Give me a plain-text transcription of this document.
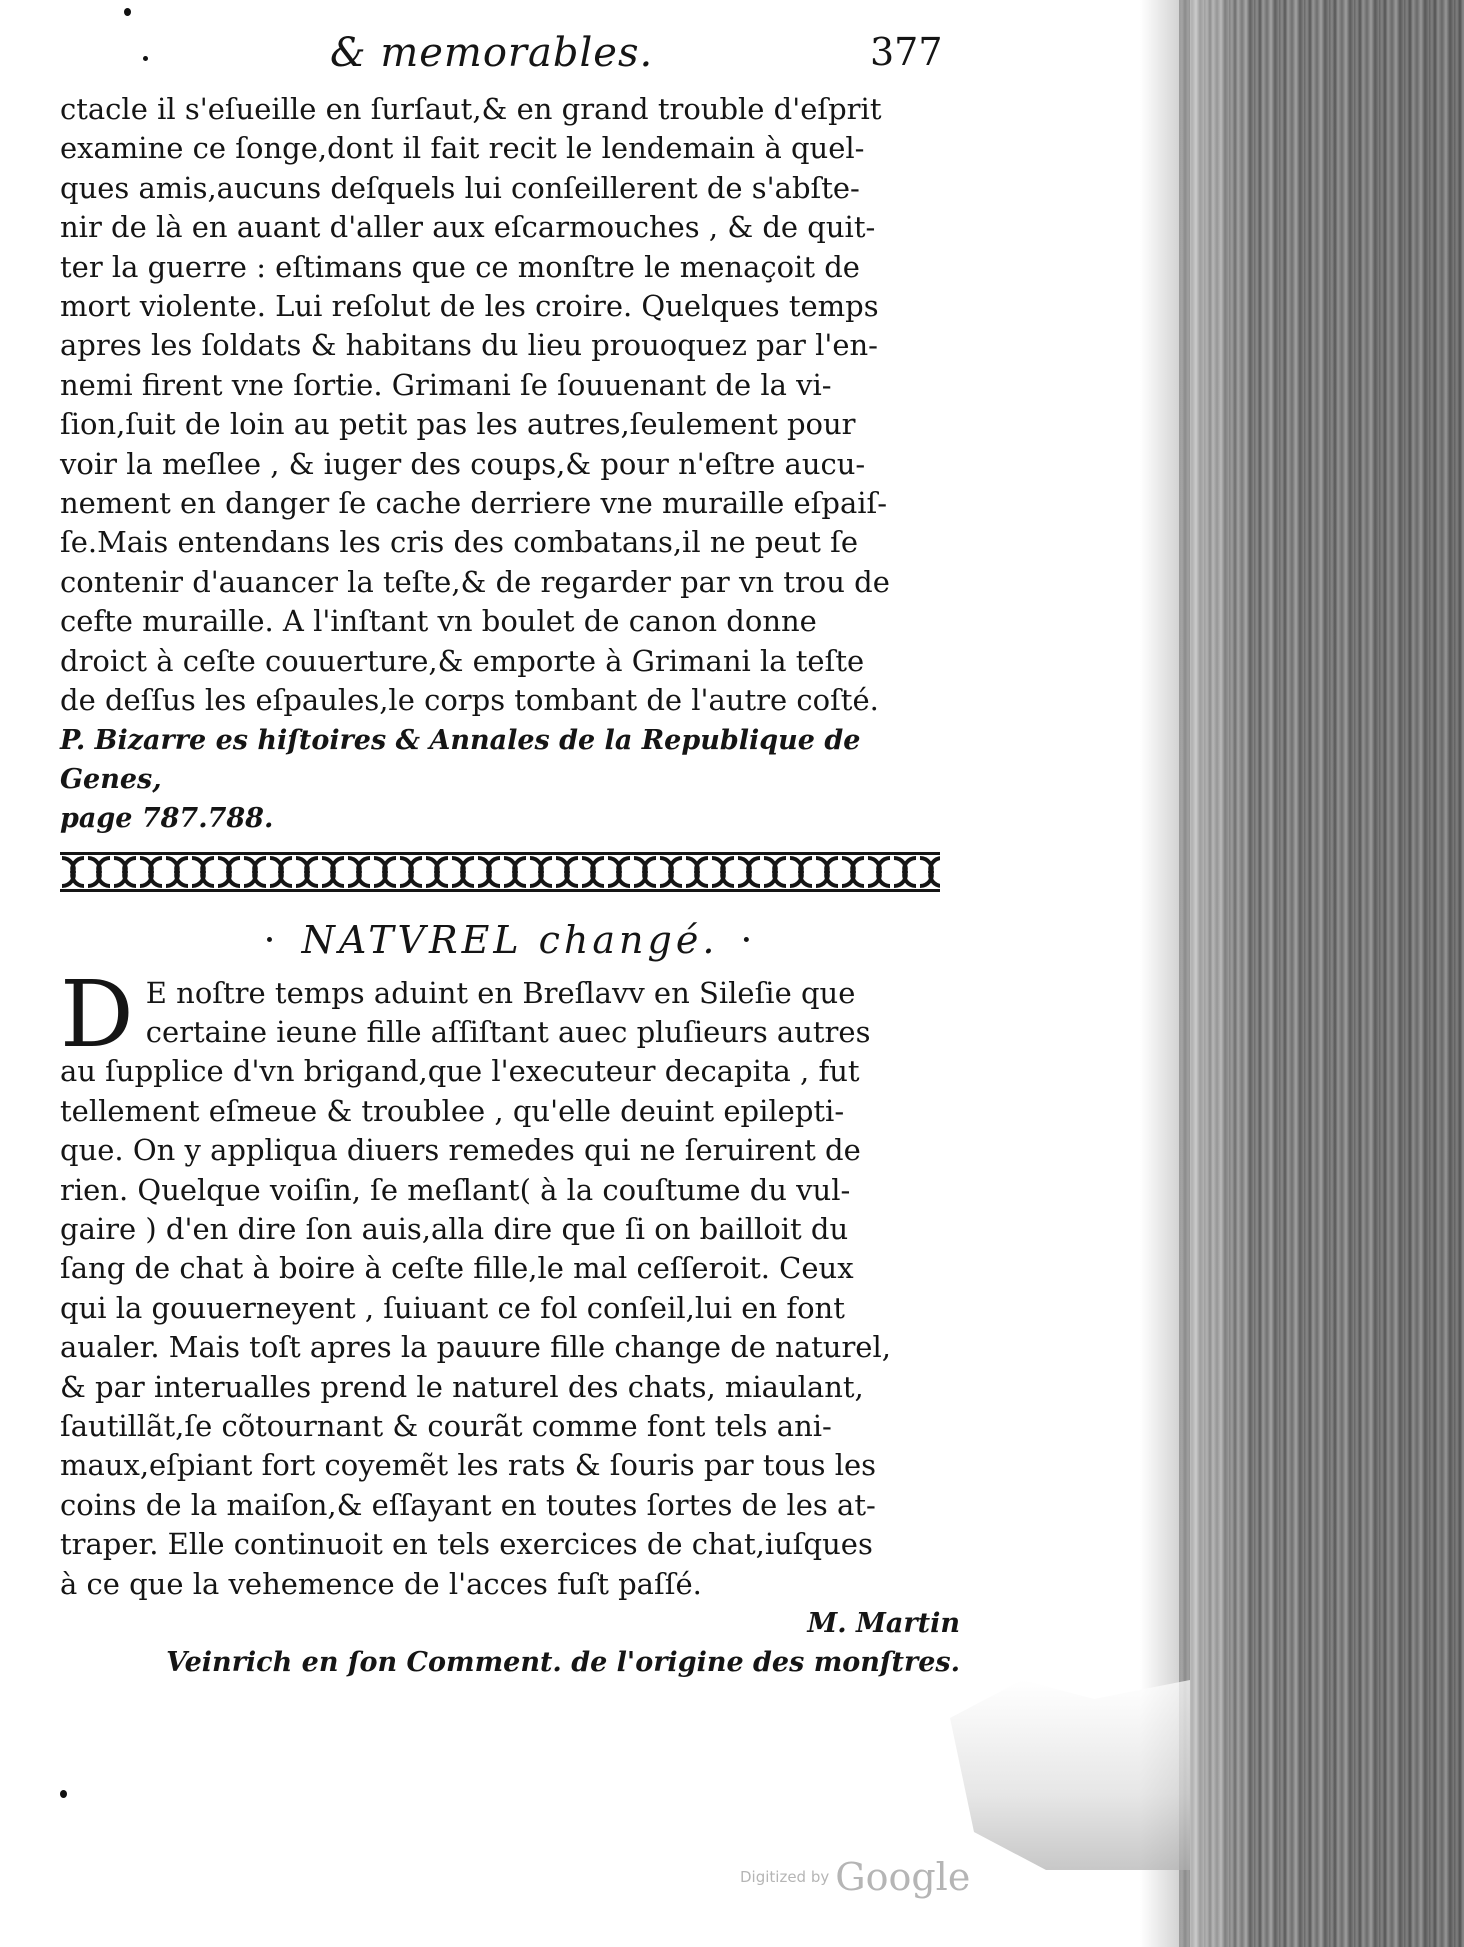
& memorables.	377
ctacle il s'eſueille en ſurſaut,& en grand trouble d'eſprit
examine ce ſonge,dont il fait recit le lendemain à quel-
ques amis,aucuns deſquels lui conſeillerent de s'abſte-
nir de là en auant d'aller aux eſcarmouches , & de quit-
ter la guerre : eſtimans que ce monſtre le menaçoit de
mort violente. Lui reſolut de les croire. Quelques temps
apres les ſoldats & habitans du lieu prouoquez par l'en-
nemi firent vne ſortie. Grimani ſe ſouuenant de la vi-
ſion,ſuit de loin au petit pas les autres,ſeulement pour
voir la meſlee , & iuger des coups,& pour n'eſtre aucu-
nement en danger ſe cache derriere vne muraille eſpaiſ-
ſe.Mais entendans les cris des combatans,il ne peut ſe
contenir d'auancer la teſte,& de regarder par vn trou de
cefte muraille. A l'inſtant vn boulet de canon donne
droict à ceſte couuerture,& emporte à Grimani la teſte
de deſſus les eſpaules,le corps tombant de l'autre coſté.
P. Bizarre es hiſtoires & Annales de la Republique de Genes,
page 787.788.
· NATVREL changé. ·
D E noſtre temps aduint en Breſlavv en Sileſie que
certaine ieune fille aſſiſtant auec pluſieurs autres
au ſupplice d'vn brigand,que l'executeur decapita , fut
tellement eſmeue & troublee , qu'elle deuint epilepti-
que. On y appliqua diuers remedes qui ne ſeruirent de
rien. Quelque voiſin, ſe meſlant( à la couſtume du vul-
gaire ) d'en dire ſon auis,alla dire que ſi on bailloit du
ſang de chat à boire à ceſte fille,le mal ceſſeroit. Ceux
qui la gouuerneyent , ſuiuant ce fol conſeil,lui en font
aualer. Mais toſt apres la pauure fille change de naturel,
& par interualles prend le naturel des chats, miaulant,
ſautillãt,ſe cõtournant & courãt comme font tels ani-
maux,eſpiant fort coyemẽt les rats & ſouris par tous les
coins de la maiſon,& eſſayant en toutes ſortes de les at-
traper. Elle continuoit en tels exercices de chat,iuſques
à ce que la vehemence de l'acces fuſt paſſé.
M. Martin
Veinrich en ſon Comment. de l'origine des monſtres.
Digitized by Google
